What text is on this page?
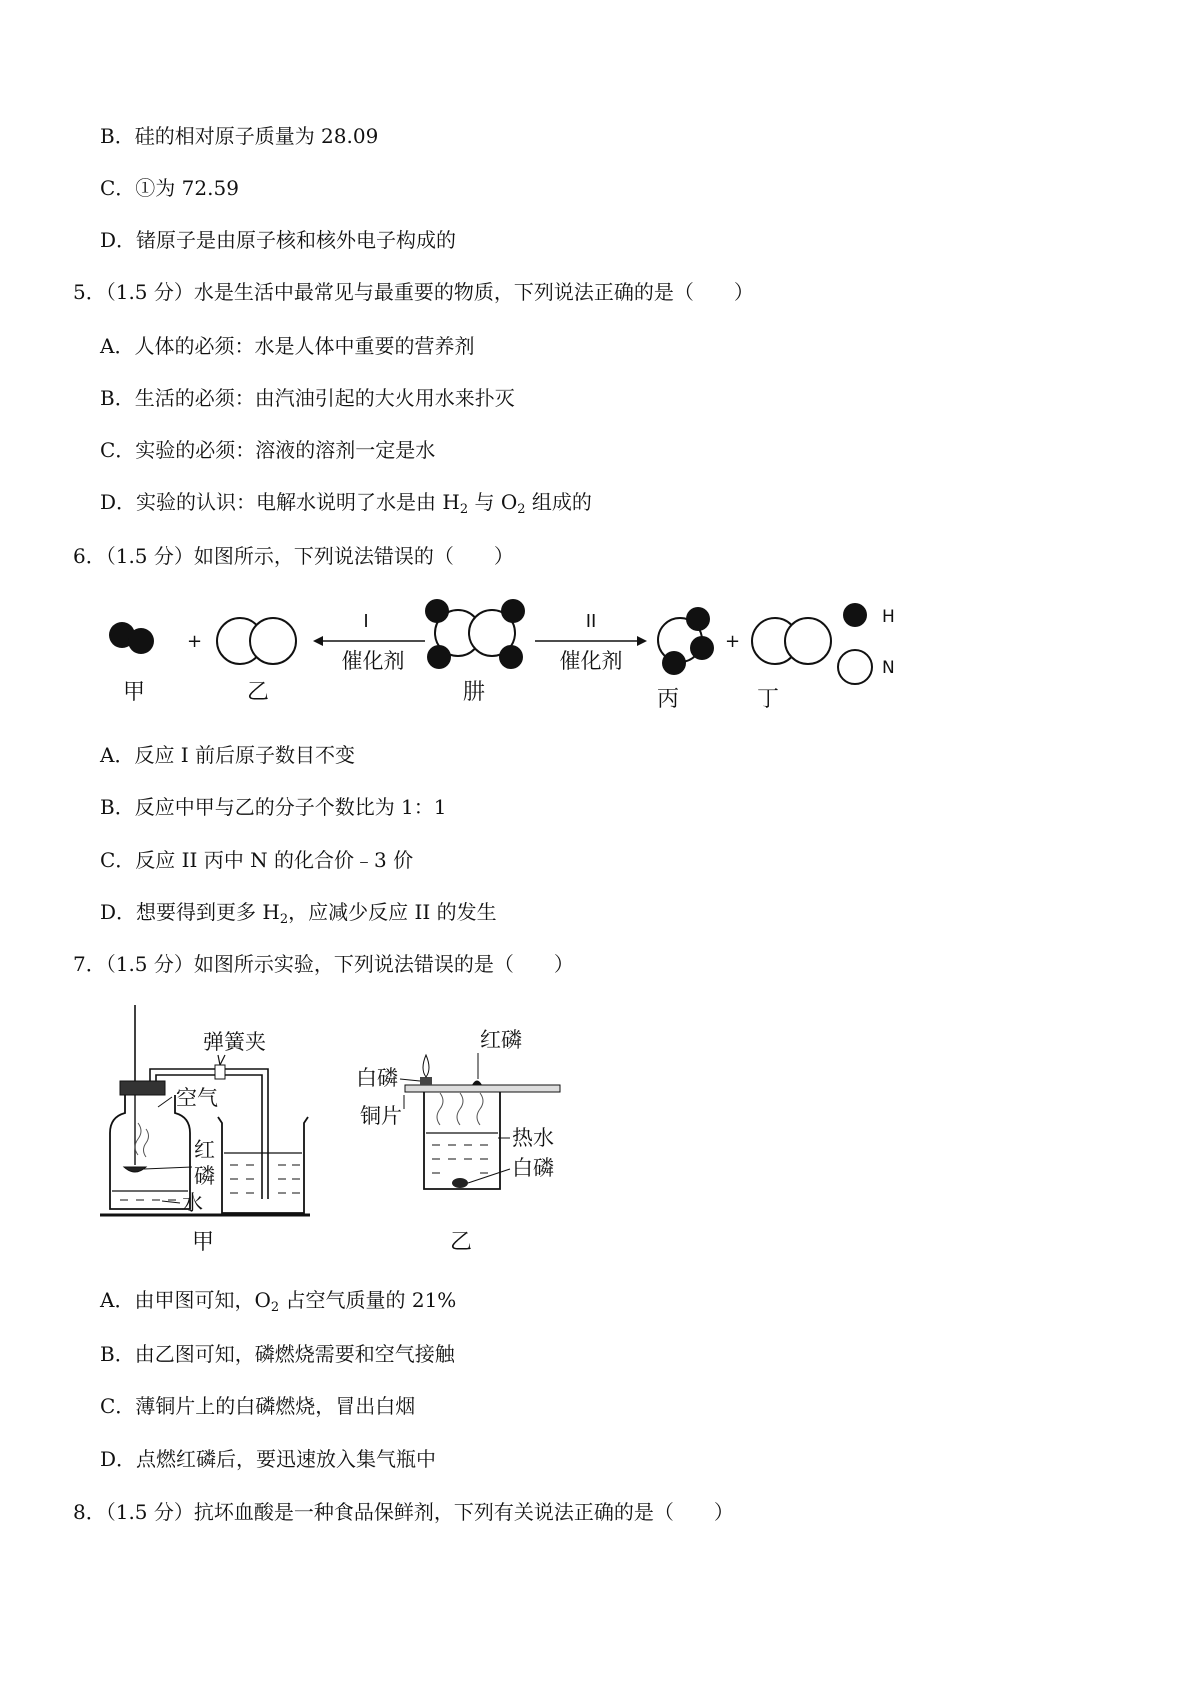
B．硅的相对原子质量为 28.09
C．①为 72.59
D．锗原子是由原子核和核外电子构成的
5．（1.5 分）水是生活中最常见与最重要的物质，下列说法正确的是（　　）
A．人体的必须：水是人体中重要的营养剂
B．生活的必须：由汽油引起的大火用水来扑灭
C．实验的必须：溶液的溶剂一定是水
D．实验的认识：电解水说明了水是由 $H_2$ 与 $O_2$ 组成的
6．（1.5 分）如图所示，下列说法错误的（　　）
甲
+
乙
I
催化剂
肼
II
催化剂
丙
+
丁
H
N
A．反应 I 前后原子数目不变
B．反应中甲与乙的分子个数比为 1：1
C．反应 II 丙中 N 的化合价﹣3 价
D．想要得到更多 $H_2$，应减少反应 II 的发生
7．（1.5 分）如图所示实验，下列说法错误的是（　　）
弹簧夹
空气
红
磷
水
甲
红磷
白磷
铜片
热水
白磷
乙
A．由甲图可知，$O_2$ 占空气质量的 21%
B．由乙图可知，磷燃烧需要和空气接触
C．薄铜片上的白磷燃烧，冒出白烟
D．点燃红磷后，要迅速放入集气瓶中
8．（1.5 分）抗坏血酸是一种食品保鲜剂，下列有关说法正确的是（　　）
